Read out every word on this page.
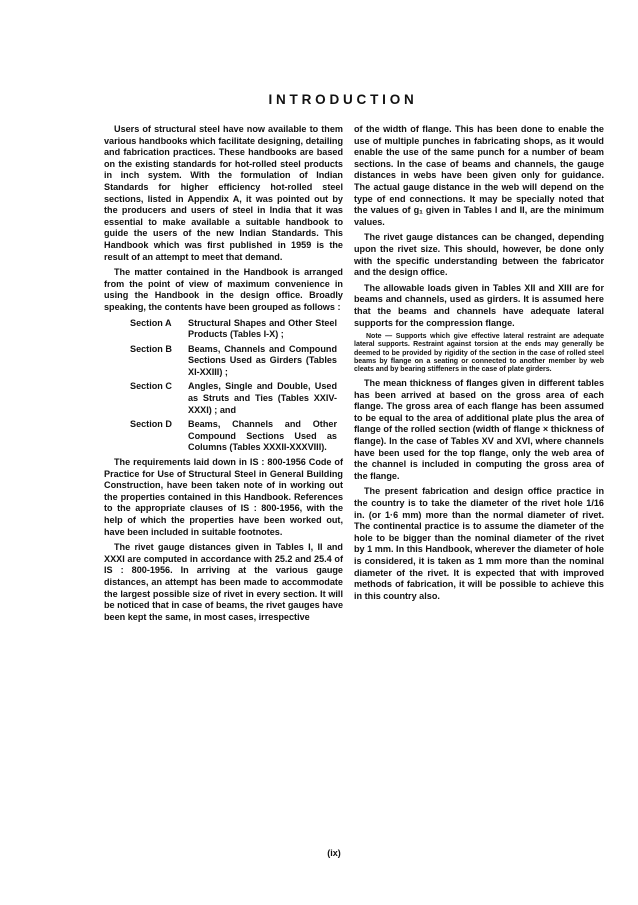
INTRODUCTION

Users of structural steel have now available to them various handbooks which facilitate designing, detailing and fabrication practices. These handbooks are based on the existing standards for hot-rolled steel products in inch system. With the formulation of Indian Standards for higher efficiency hot-rolled steel sections, listed in Appendix A, it was pointed out by the producers and users of steel in India that it was essential to make available a suitable handbook to guide the users of the new Indian Standards. This Handbook which was first published in 1959 is the result of an attempt to meet that demand.

The matter contained in the Handbook is arranged from the point of view of maximum convenience in using the Handbook in the design office. Broadly speaking, the contents have been grouped as follows :

Section A	Structural Shapes and Other Steel Products (Tables I-X) ;
Section B	Beams, Channels and Compound Sections Used as Girders (Tables XI-XXIII) ;
Section C	Angles, Single and Double, Used as Struts and Ties (Tables XXIV-XXXI) ; and
Section D	Beams, Channels and Other Compound Sections Used as Columns (Tables XXXII-XXXVIII).

The requirements laid down in IS : 800-1956 Code of Practice for Use of Structural Steel in General Building Construction, have been taken note of in working out the properties contained in this Handbook. References to the appropriate clauses of IS : 800-1956, with the help of which the properties have been worked out, have been included in suitable footnotes.

The rivet gauge distances given in Tables I, II and XXXI are computed in accordance with 25.2 and 25.4 of IS : 800-1956. In arriving at the various gauge distances, an attempt has been made to accommodate the largest possible size of rivet in every section. It will be noticed that in case of beams, the rivet gauges have been kept the same, in most cases, irrespective

of the width of flange. This has been done to enable the use of multiple punches in fabricating shops, as it would enable the use of the same punch for a number of beam sections. In the case of beams and channels, the gauge distances in webs have been given only for guidance. The actual gauge distance in the web will depend on the type of end connections. It may be specially noted that the values of g₁ given in Tables I and II, are the minimum values.

The rivet gauge distances can be changed, depending upon the rivet size. This should, however, be done only with the specific understanding between the fabricator and the design office.

The allowable loads given in Tables XII and XIII are for beams and channels, used as girders. It is assumed here that the beams and channels have adequate lateral supports for the compression flange.

Note — Supports which give effective lateral restraint are adequate lateral supports. Restraint against torsion at the ends may generally be deemed to be provided by rigidity of the section in the case of rolled steel beams by flange on a seating or connected to another member by web cleats and by bearing stiffeners in the case of plate girders.

The mean thickness of flanges given in different tables has been arrived at based on the gross area of each flange. The gross area of each flange has been assumed to be equal to the area of additional plate plus the area of flange of the rolled section (width of flange × thickness of flange). In the case of Tables XV and XVI, where channels have been used for the top flange, only the web area of the channel is included in computing the gross area of the flange.

The present fabrication and design office practice in the country is to take the diameter of the rivet hole 1/16 in. (or 1·6 mm) more than the normal diameter of rivet. The continental practice is to assume the diameter of the hole to be bigger than the nominal diameter of the rivet by 1 mm. In this Handbook, wherever the diameter of hole is considered, it is taken as 1 mm more than the nominal diameter of the rivet. It is expected that with improved methods of fabrication, it will be possible to achieve this in this country also.

(ix)
